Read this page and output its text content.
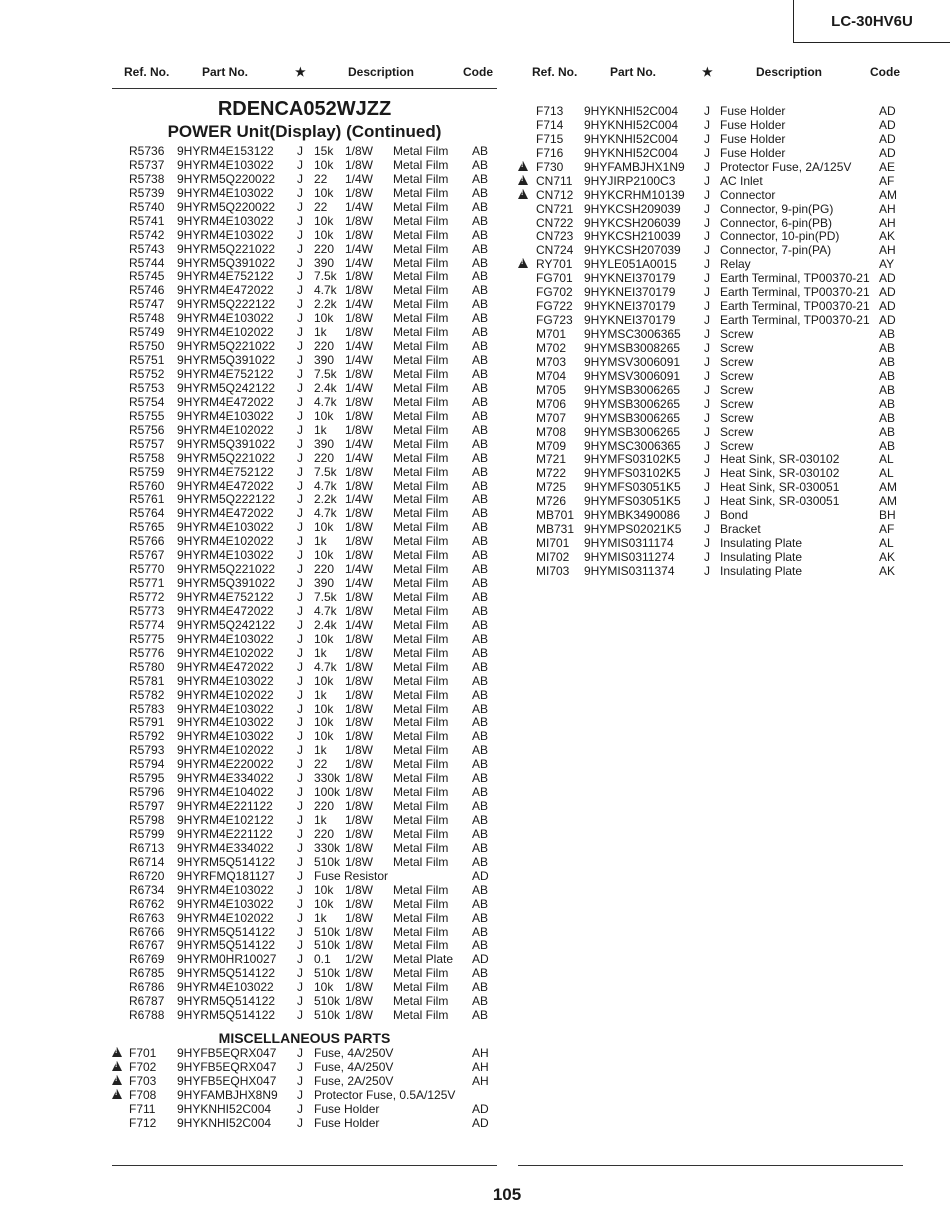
LC-30HV6U
Ref. No.	Part No.	★	Description	Code
RDENCA052WJZZ
POWER Unit(Display) (Continued)
R5736 9HYRM4E153122 J 15k 1/8W Metal Film AB
R5737 9HYRM4E103022 J 10k 1/8W Metal Film AB
R5738 9HYRM5Q220022 J 22 1/4W Metal Film AB
R5739 9HYRM4E103022 J 10k 1/8W Metal Film AB
R5740 9HYRM5Q220022 J 22 1/4W Metal Film AB
R5741 9HYRM4E103022 J 10k 1/8W Metal Film AB
R5742 9HYRM4E103022 J 10k 1/8W Metal Film AB
R5743 9HYRM5Q221022 J 220 1/4W Metal Film AB
R5744 9HYRM5Q391022 J 390 1/4W Metal Film AB
R5745 9HYRM4E752122 J 7.5k 1/8W Metal Film AB
R5746 9HYRM4E472022 J 4.7k 1/8W Metal Film AB
R5747 9HYRM5Q222122 J 2.2k 1/4W Metal Film AB
R5748 9HYRM4E103022 J 10k 1/8W Metal Film AB
R5749 9HYRM4E102022 J 1k 1/8W Metal Film AB
R5750 9HYRM5Q221022 J 220 1/4W Metal Film AB
R5751 9HYRM5Q391022 J 390 1/4W Metal Film AB
R5752 9HYRM4E752122 J 7.5k 1/8W Metal Film AB
R5753 9HYRM5Q242122 J 2.4k 1/4W Metal Film AB
R5754 9HYRM4E472022 J 4.7k 1/8W Metal Film AB
R5755 9HYRM4E103022 J 10k 1/8W Metal Film AB
R5756 9HYRM4E102022 J 1k 1/8W Metal Film AB
R5757 9HYRM5Q391022 J 390 1/4W Metal Film AB
R5758 9HYRM5Q221022 J 220 1/4W Metal Film AB
R5759 9HYRM4E752122 J 7.5k 1/8W Metal Film AB
R5760 9HYRM4E472022 J 4.7k 1/8W Metal Film AB
R5761 9HYRM5Q222122 J 2.2k 1/4W Metal Film AB
R5764 9HYRM4E472022 J 4.7k 1/8W Metal Film AB
R5765 9HYRM4E103022 J 10k 1/8W Metal Film AB
R5766 9HYRM4E102022 J 1k 1/8W Metal Film AB
R5767 9HYRM4E103022 J 10k 1/8W Metal Film AB
R5770 9HYRM5Q221022 J 220 1/4W Metal Film AB
R5771 9HYRM5Q391022 J 390 1/4W Metal Film AB
R5772 9HYRM4E752122 J 7.5k 1/8W Metal Film AB
R5773 9HYRM4E472022 J 4.7k 1/8W Metal Film AB
R5774 9HYRM5Q242122 J 2.4k 1/4W Metal Film AB
R5775 9HYRM4E103022 J 10k 1/8W Metal Film AB
R5776 9HYRM4E102022 J 1k 1/8W Metal Film AB
R5780 9HYRM4E472022 J 4.7k 1/8W Metal Film AB
R5781 9HYRM4E103022 J 10k 1/8W Metal Film AB
R5782 9HYRM4E102022 J 1k 1/8W Metal Film AB
R5783 9HYRM4E103022 J 10k 1/8W Metal Film AB
R5791 9HYRM4E103022 J 10k 1/8W Metal Film AB
R5792 9HYRM4E103022 J 10k 1/8W Metal Film AB
R5793 9HYRM4E102022 J 1k 1/8W Metal Film AB
R5794 9HYRM4E220022 J 22 1/8W Metal Film AB
R5795 9HYRM4E334022 J 330k 1/8W Metal Film AB
R5796 9HYRM4E104022 J 100k 1/8W Metal Film AB
R5797 9HYRM4E221122 J 220 1/8W Metal Film AB
R5798 9HYRM4E102122 J 1k 1/8W Metal Film AB
R5799 9HYRM4E221122 J 220 1/8W Metal Film AB
R6713 9HYRM4E334022 J 330k 1/8W Metal Film AB
R6714 9HYRM5Q514122 J 510k 1/8W Metal Film AB
R6720 9HYRFMQ181127 J Fuse Resistor	AD
R6734 9HYRM4E103022 J 10k 1/8W Metal Film AB
R6762 9HYRM4E103022 J 10k 1/8W Metal Film AB
R6763 9HYRM4E102022 J 1k 1/8W Metal Film AB
R6766 9HYRM5Q514122 J 510k 1/8W Metal Film AB
R6767 9HYRM5Q514122 J 510k 1/8W Metal Film AB
R6769 9HYRM0HR10027 J 0.1 1/2W Metal Plate AD
R6785 9HYRM5Q514122 J 510k 1/8W Metal Film AB
R6786 9HYRM4E103022 J 10k 1/8W Metal Film AB
R6787 9HYRM5Q514122 J 510k 1/8W Metal Film AB
R6788 9HYRM5Q514122 J 510k 1/8W Metal Film AB
MISCELLANEOUS PARTS
!
F701 9HYFB5EQRX047 J Fuse, 4A/250V	AH
!
F702 9HYFB5EQRX047 J Fuse, 4A/250V	AH
!
F703 9HYFB5EQHX047 J Fuse, 2A/250V	AH
!
F708 9HYFAMBJHX8N9 J Protector Fuse, 0.5A/125V
F711 9HYKNHI52C004 J Fuse Holder	AD
F712 9HYKNHI52C004 J Fuse Holder	AD
Ref. No.	Part No.	★	Description	Code
F713 9HYKNHI52C004 J Fuse Holder	AD
F714 9HYKNHI52C004 J Fuse Holder	AD
F715 9HYKNHI52C004 J Fuse Holder	AD
F716 9HYKNHI52C004 J Fuse Holder	AD
!
F730 9HYFAMBJHX1N9 J Protector Fuse, 2A/125V AE
!
CN711 9HYJIRP2100C3 J AC Inlet	AF
!
CN712 9HYKCRHM10139 J Connector	AM
CN721 9HYKCSH209039 J Connector, 9-pin(PG)	AH
CN722 9HYKCSH206039 J Connector, 6-pin(PB)	AH
CN723 9HYKCSH210039 J Connector, 10-pin(PD)	AK
CN724 9HYKCSH207039 J Connector, 7-pin(PA)	AH
!
RY701 9HYLE051A0015 J Relay	AY
FG701 9HYKNEI370179 J Earth Terminal, TP00370-21 AD
FG702 9HYKNEI370179 J Earth Terminal, TP00370-21 AD
FG722 9HYKNEI370179 J Earth Terminal, TP00370-21 AD
FG723 9HYKNEI370179 J Earth Terminal, TP00370-21 AD
M701 9HYMSC3006365 J Screw	AB
M702 9HYMSB3008265 J Screw	AB
M703 9HYMSV3006091 J Screw	AB
M704 9HYMSV3006091 J Screw	AB
M705 9HYMSB3006265 J Screw	AB
M706 9HYMSB3006265 J Screw	AB
M707 9HYMSB3006265 J Screw	AB
M708 9HYMSB3006265 J Screw	AB
M709 9HYMSC3006365 J Screw	AB
M721 9HYMFS03102K5 J Heat Sink, SR-030102	AL
M722 9HYMFS03102K5 J Heat Sink, SR-030102	AL
M725 9HYMFS03051K5 J Heat Sink, SR-030051	AM
M726 9HYMFS03051K5 J Heat Sink, SR-030051	AM
MB701 9HYMBK3490086 J Bond	BH
MB731 9HYMPS02021K5 J Bracket	AF
MI701 9HYMIS0311174	J Insulating Plate	AL
MI702 9HYMIS0311274 J Insulating Plate	AK
MI703 9HYMIS0311374 J Insulating Plate	AK
105
